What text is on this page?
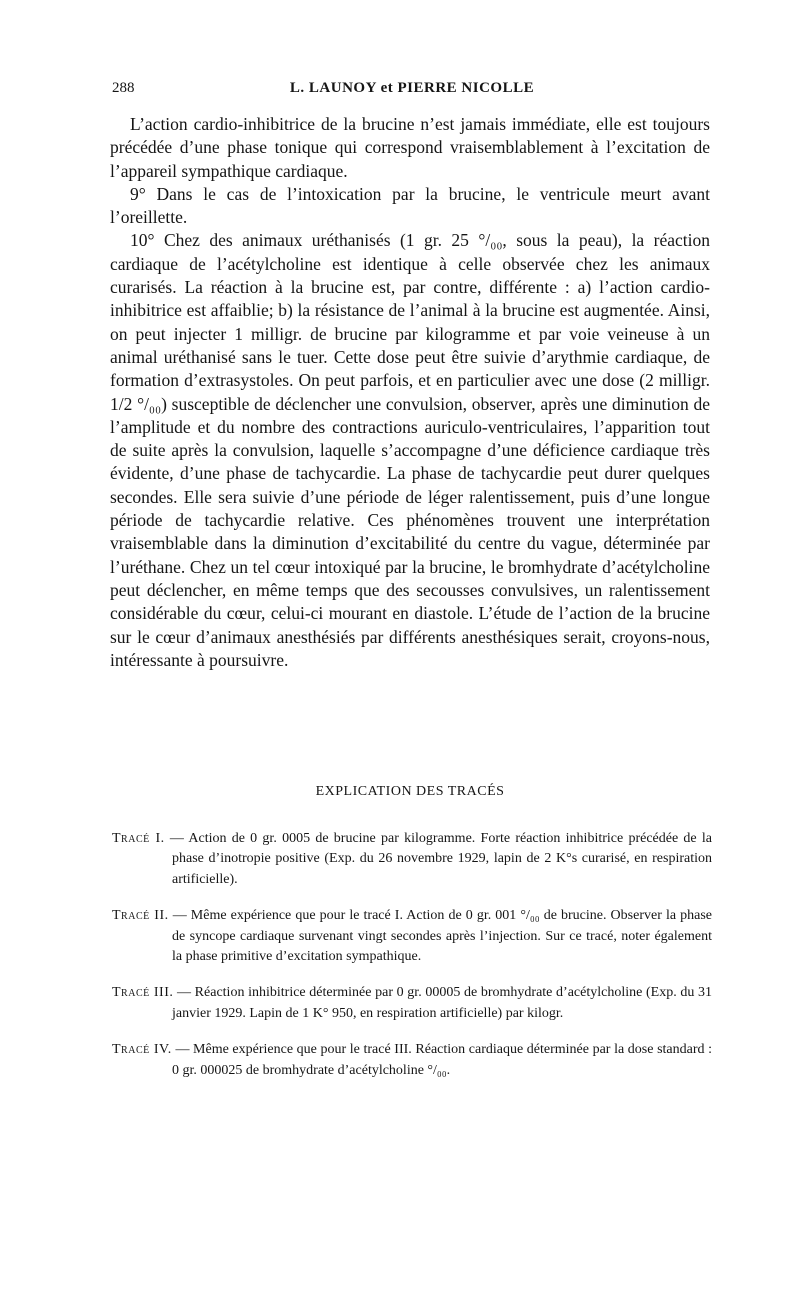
288	L. LAUNOY et PIERRE NICOLLE

L’action cardio-inhibitrice de la brucine n’est jamais immédiate, elle est toujours précédée d’une phase tonique qui correspond vraisemblablement à l’excitation de l’appareil sympathique cardiaque.

9° Dans le cas de l’intoxication par la brucine, le ventricule meurt avant l’oreillette.

10° Chez des animaux uréthanisés (1 gr. 25 °/₀₀, sous la peau), la réaction cardiaque de l’acétylcholine est identique à celle observée chez les animaux curarisés. La réaction à la brucine est, par contre, différente : a) l’action cardio-inhibitrice est affaiblie; b) la résistance de l’animal à la brucine est augmentée. Ainsi, on peut injecter 1 milligr. de brucine par kilogramme et par voie veineuse à un animal uréthanisé sans le tuer. Cette dose peut être suivie d’arythmie cardiaque, de formation d’extrasystoles. On peut parfois, et en particulier avec une dose (2 milligr. 1/2 °/₀₀) susceptible de déclencher une convulsion, observer, après une diminution de l’amplitude et du nombre des contractions auriculo-ventriculaires, l’apparition tout de suite après la convulsion, laquelle s’accompagne d’une déficience cardiaque très évidente, d’une phase de tachycardie. La phase de tachycardie peut durer quelques secondes. Elle sera suivie d’une période de léger ralentissement, puis d’une longue période de tachycardie relative. Ces phénomènes trouvent une interprétation vraisemblable dans la diminution d’excitabilité du centre du vague, déterminée par l’uréthane. Chez un tel cœur intoxiqué par la brucine, le bromhydrate d’acétylcholine peut déclencher, en même temps que des secousses convulsives, un ralentissement considérable du cœur, celui-ci mourant en diastole. L’étude de l’action de la brucine sur le cœur d’animaux anesthésiés par différents anesthésiques serait, croyons-nous, intéressante à poursuivre.

EXPLICATION DES TRACÉS

Tracé I. — Action de 0 gr. 0005 de brucine par kilogramme. Forte réaction inhibitrice précédée de la phase d’inotropie positive (Exp. du 26 novembre 1929, lapin de 2 K°s curarisé, en respiration artificielle).

Tracé II. — Même expérience que pour le tracé I. Action de 0 gr. 001 °/₀₀ de brucine. Observer la phase de syncope cardiaque survenant vingt secondes après l’injection. Sur ce tracé, noter également la phase primitive d’excitation sympathique.

Tracé III. — Réaction inhibitrice déterminée par 0 gr. 00005 de bromhydrate d’acétylcholine (Exp. du 31 janvier 1929. Lapin de 1 K° 950, en respiration artificielle) par kilogr.

Tracé IV. — Même expérience que pour le tracé III. Réaction cardiaque déterminée par la dose standard : 0 gr. 000025 de bromhydrate d’acétylcholine °/₀₀.
